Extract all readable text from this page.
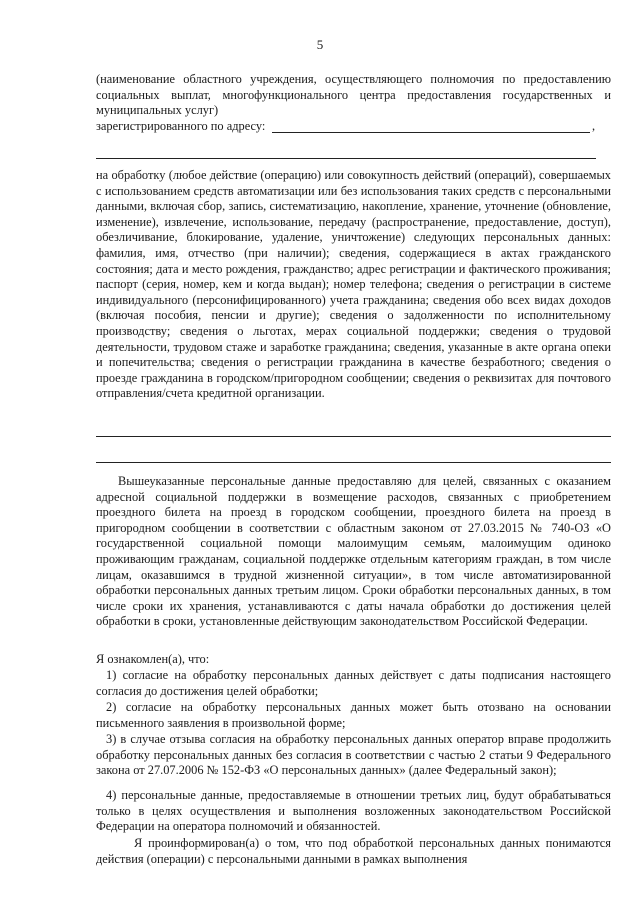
5

(наименование областного учреждения, осуществляющего полномочия по предоставлению социальных выплат, многофункционального центра предоставления государственных и муниципальных услуг)

зарегистрированного по адресу:	,

на обработку (любое действие (операцию) или совокупность действий (операций), совершаемых с использованием средств автоматизации или без использования таких средств с персональными данными, включая сбор, запись, систематизацию, накопление, хранение, уточнение (обновление, изменение), извлечение, использование, передачу (распространение, предоставление, доступ), обезличивание, блокирование, удаление, уничтожение) следующих персональных данных: фамилия, имя, отчество (при наличии); сведения, содержащиеся в актах гражданского состояния; дата и место рождения, гражданство; адрес регистрации и фактического проживания; паспорт (серия, номер, кем и когда выдан); номер телефона; сведения о регистрации в системе индивидуального (персонифицированного) учета гражданина; сведения обо всех видах доходов (включая пособия, пенсии и другие); сведения о задолженности по исполнительному производству; сведения о льготах, мерах социальной поддержки; сведения о трудовой деятельности, трудовом стаже и заработке гражданина; сведения, указанные в акте органа опеки и попечительства; сведения о регистрации гражданина в качестве безработного; сведения о проезде гражданина в городском/пригородном сообщении; сведения о реквизитах для почтового отправления/счета кредитной организации.

Вышеуказанные персональные данные предоставляю для целей, связанных с оказанием адресной социальной поддержки в возмещение расходов, связанных с приобретением проездного билета на проезд в городском сообщении, проездного билета на проезд в пригородном сообщении в соответствии с областным законом от 27.03.2015 № 740-ОЗ «О государственной социальной помощи малоимущим семьям, малоимущим одиноко проживающим гражданам, социальной поддержке отдельным категориям граждан, в том числе лицам, оказавшимся в трудной жизненной ситуации», в том числе автоматизированной обработки персональных данных третьим лицом. Сроки обработки персональных данных, в том числе сроки их хранения, устанавливаются с даты начала обработки до достижения целей обработки в сроки, установленные действующим законодательством Российской Федерации.

Я ознакомлен(а), что:

1) согласие на обработку персональных данных действует с даты подписания настоящего согласия до достижения целей обработки;

2) согласие на обработку персональных данных может быть отозвано на основании письменного заявления в произвольной форме;

3) в случае отзыва согласия на обработку персональных данных оператор вправе продолжить обработку персональных данных без согласия в соответствии с частью 2 статьи 9 Федерального закона от 27.07.2006 № 152-ФЗ «О персональных данных» (далее Федеральный закон);

4) персональные данные, предоставляемые в отношении третьих лиц, будут обрабатываться только в целях осуществления и выполнения возложенных законодательством Российской Федерации на оператора полномочий и обязанностей.

Я проинформирован(а) о том, что под обработкой персональных данных понимаются действия (операции) с персональными данными в рамках выполнения
